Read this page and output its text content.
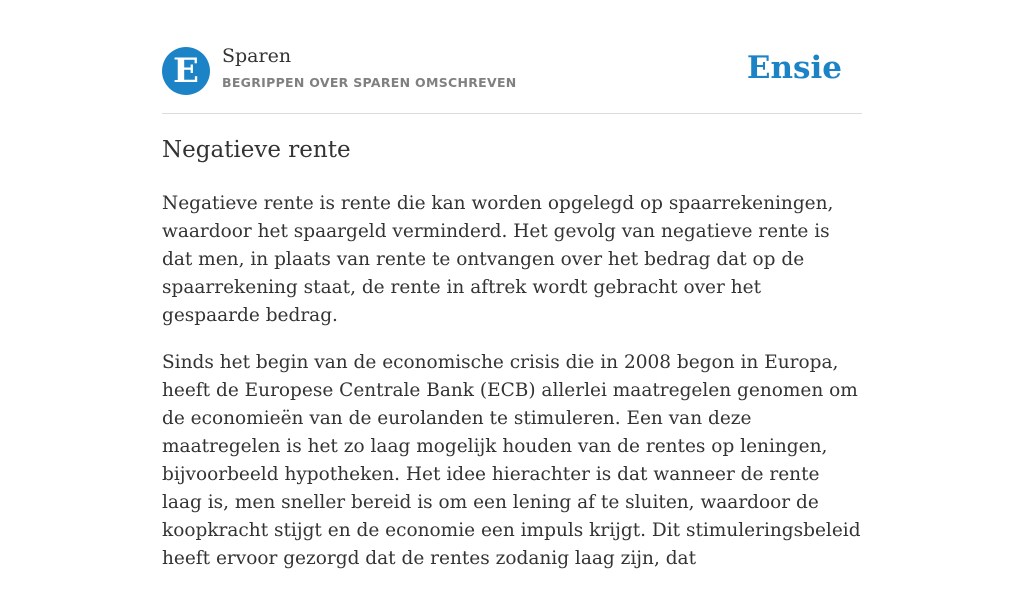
E	Sparen
BEGRIPPEN OVER SPAREN OMSCHREVEN	Ensie
Negatieve rente

Negatieve rente is rente die kan worden opgelegd op spaarrekeningen, waardoor het spaargeld verminderd. Het gevolg van negatieve rente is dat men, in plaats van rente te ontvangen over het bedrag dat op de spaarrekening staat, de rente in aftrek wordt gebracht over het gespaarde bedrag.

Sinds het begin van de economische crisis die in 2008 begon in Europa, heeft de Europese Centrale Bank (ECB) allerlei maatregelen genomen om de economieën van de eurolanden te stimuleren. Een van deze maatregelen is het zo laag mogelijk houden van de rentes op leningen, bijvoorbeeld hypotheken. Het idee hierachter is dat wanneer de rente laag is, men sneller bereid is om een lening af te sluiten, waardoor de koopkracht stijgt en de economie een impuls krijgt. Dit stimuleringsbeleid heeft ervoor gezorgd dat de rentes zodanig laag zijn, dat
